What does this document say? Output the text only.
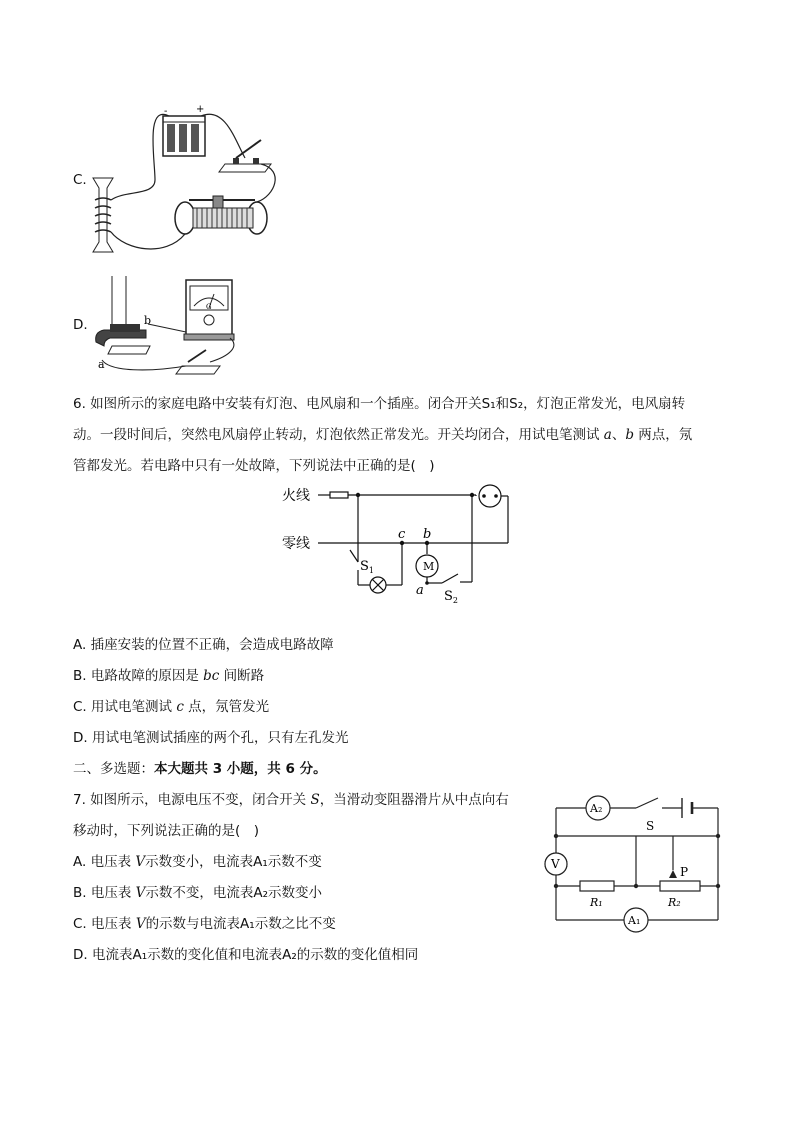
C.
-	+
D.
a
b
G
6. 如图所示的家庭电路中安装有灯泡、电风扇和一个插座。闭合开关S₁和S₂，灯泡正常发光，电风扇转
动。一段时间后，突然电风扇停止转动，灯泡依然正常发光。开关均闭合，用试电笔测试 a、b 两点，氖
管都发光。若电路中只有一处故障，下列说法中正确的是(　)
火线
零线
M
c b
a
$S_1$
$S_2$
A. 插座安装的位置不正确，会造成电路故障
B. 电路故障的原因是 bc 间断路
C. 用试电笔测试 c 点，氖管发光
D. 用试电笔测试插座的两个孔，只有左孔发光
二、多选题：本大题共 3 小题，共 6 分。
7. 如图所示，电源电压不变，闭合开关 S，当滑动变阻器滑片从中点向右
移动时，下列说法正确的是(　)
A. 电压表 V示数变小，电流表A₁示数不变
B. 电压表 V示数不变，电流表A₂示数变小
C. 电压表 V的示数与电流表A₁示数之比不变
D. 电流表A₁示数的变化值和电流表A₂的示数的变化值相同
A₂
A₁
V
S
P
R₁	R₂
